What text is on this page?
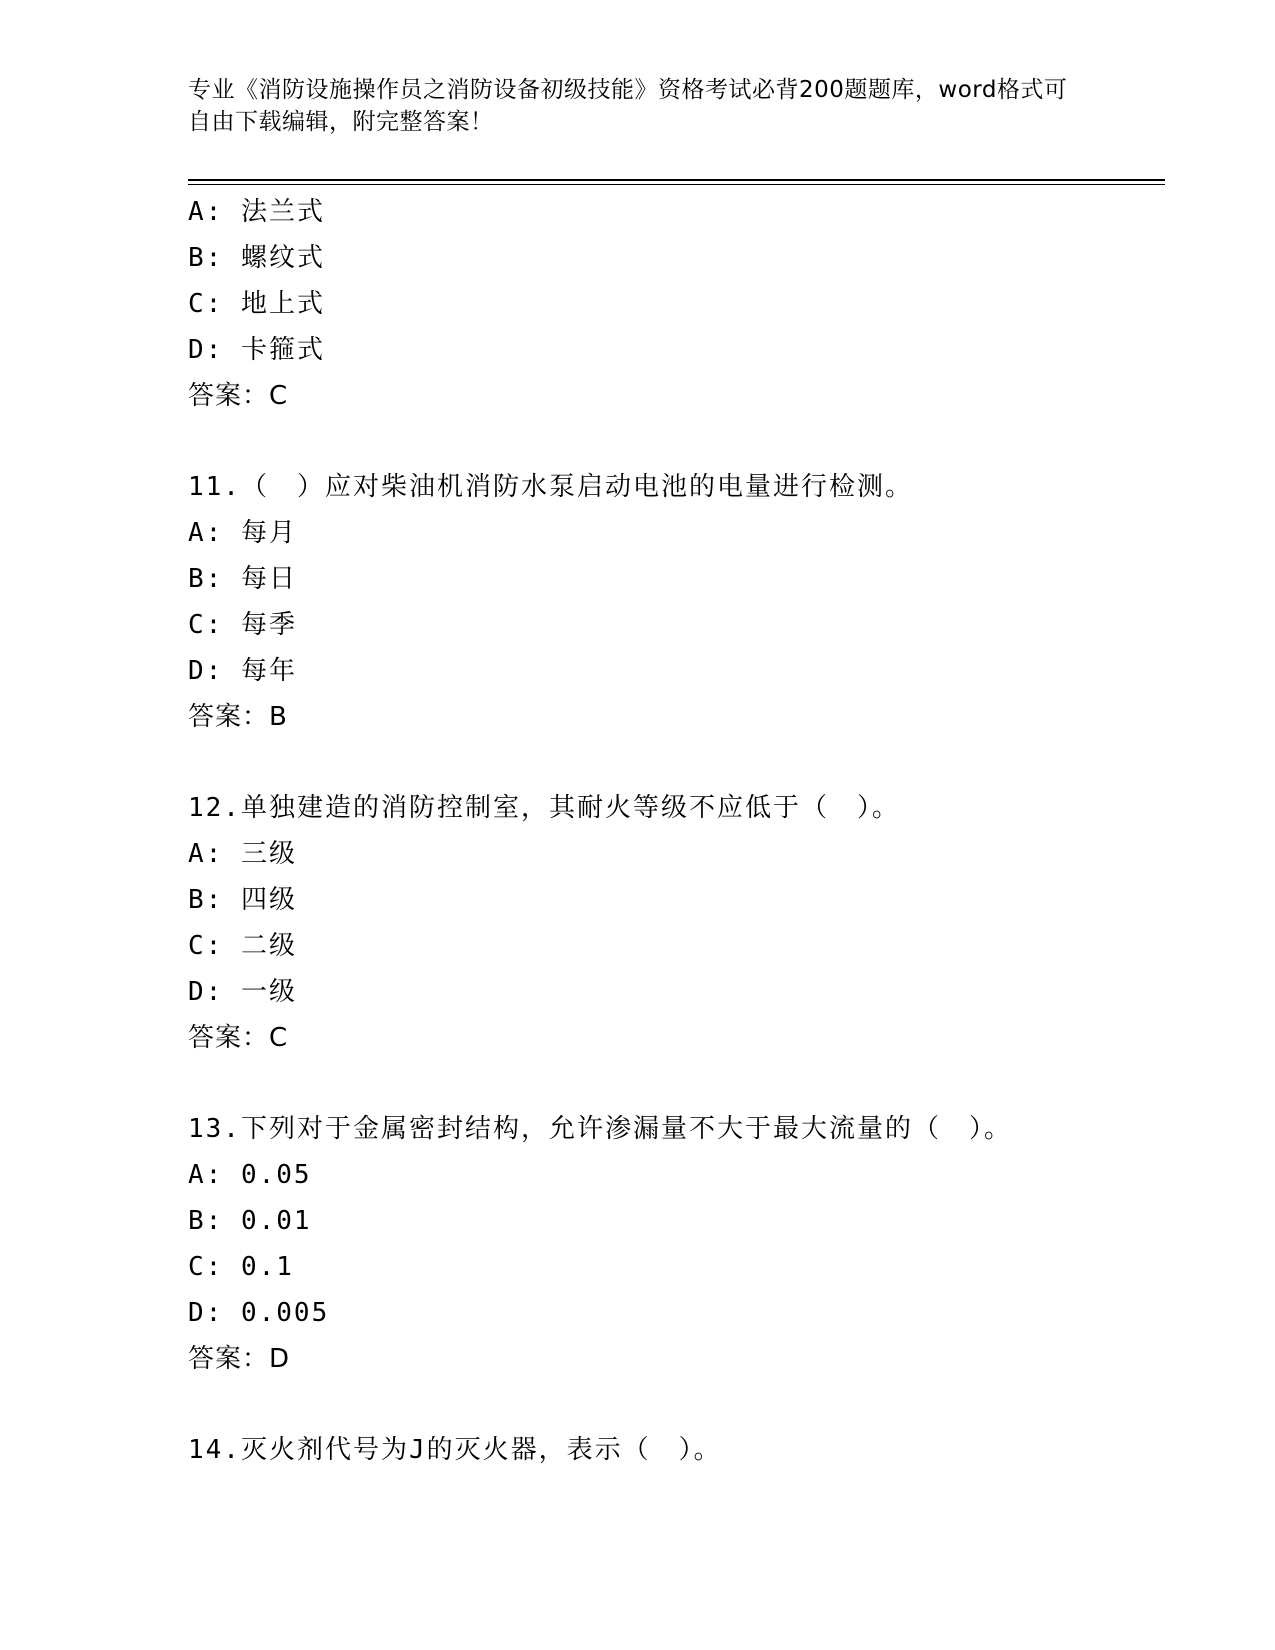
专业《消防设施操作员之消防设备初级技能》资格考试必背200题题库，word格式可自由下载编辑，附完整答案！
A: 法兰式
B: 螺纹式
C: 地上式
D: 卡箍式
答案：C
11.（　）应对柴油机消防水泵启动电池的电量进行检测。
A: 每月
B: 每日
C: 每季
D: 每年
答案：B
12.单独建造的消防控制室，其耐火等级不应低于（　）。
A: 三级
B: 四级
C: 二级
D: 一级
答案：C
13.下列对于金属密封结构，允许渗漏量不大于最大流量的（　）。
A: 0.05
B: 0.01
C: 0.1
D: 0.005
答案：D
14.灭火剂代号为J的灭火器，表示（　）。
